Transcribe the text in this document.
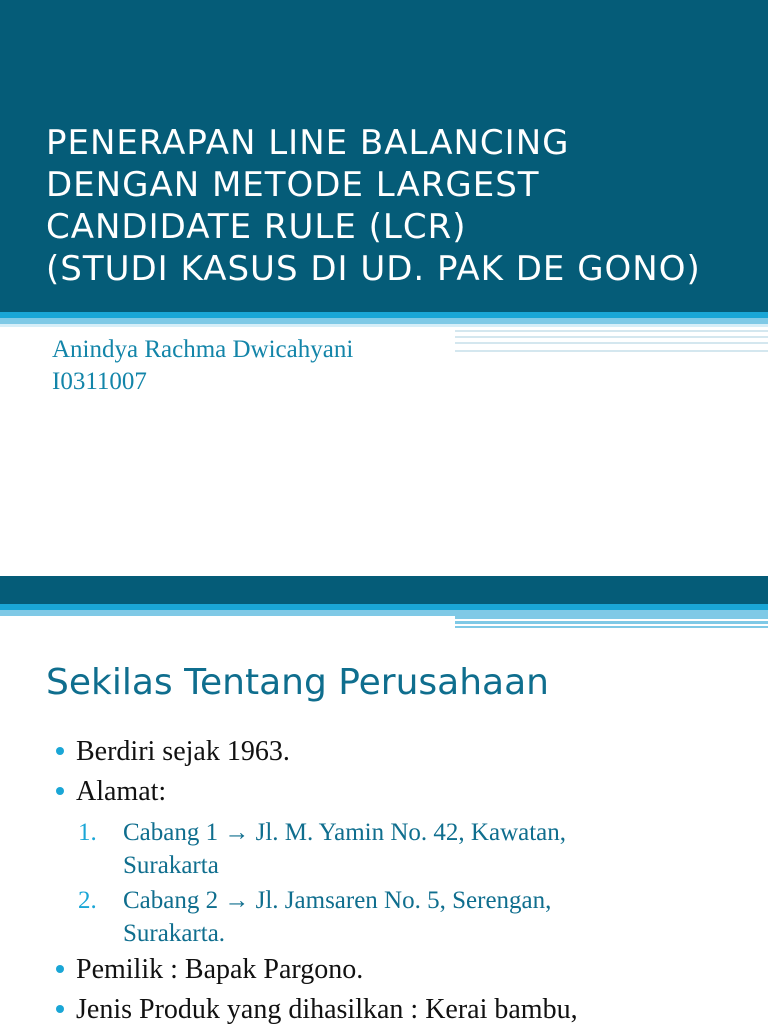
PENERAPAN LINE BALANCING
DENGAN METODE LARGEST
CANDIDATE RULE (LCR)
(STUDI KASUS DI UD. PAK DE GONO)
Anindya Rachma Dwicahyani
I0311007
Sekilas Tentang Perusahaan
Berdiri sejak 1963.
Alamat:
1. Cabang 1 → Jl. M. Yamin No. 42, Kawatan,
Surakarta
2. Cabang 2 → Jl. Jamsaren No. 5, Serengan,
Surakarta.
Pemilik : Bapak Pargono.
Jenis Produk yang dihasilkan : Kerai bambu,
